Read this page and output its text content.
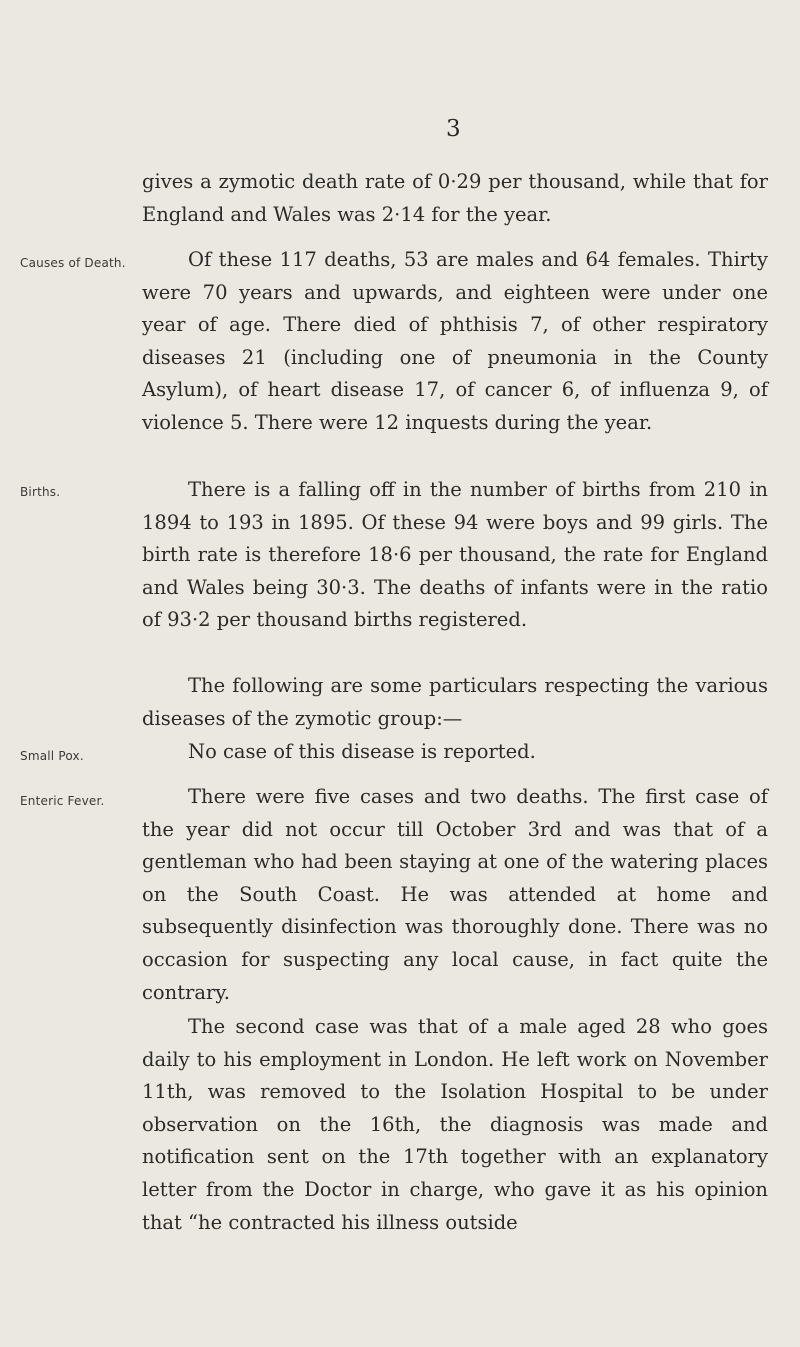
3

gives a zymotic death rate of 0·29 per thousand, while that for England and Wales was 2·14 for the year.

Causes of Death.	Of these 117 deaths, 53 are males and 64 females. Thirty were 70 years and upwards, and eighteen were under one year of age. There died of phthisis 7, of other respiratory diseases 21 (including one of pneumonia in the County Asylum), of heart disease 17, of cancer 6, of influenza 9, of violence 5. There were 12 inquests during the year.

Births.	There is a falling off in the number of births from 210 in 1894 to 193 in 1895. Of these 94 were boys and 99 girls. The birth rate is therefore 18·6 per thousand, the rate for England and Wales being 30·3. The deaths of infants were in the ratio of 93·2 per thousand births registered.

The following are some particulars respecting the various diseases of the zymotic group:—

Small Pox.	No case of this disease is reported.

Enteric Fever.	There were five cases and two deaths. The first case of the year did not occur till October 3rd and was that of a gentleman who had been staying at one of the watering places on the South Coast. He was attended at home and subsequently disinfection was thoroughly done. There was no occasion for suspecting any local cause, in fact quite the contrary.

The second case was that of a male aged 28 who goes daily to his employment in London. He left work on November 11th, was removed to the Isolation Hospital to be under observation on the 16th, the diagnosis was made and notification sent on the 17th together with an explanatory letter from the Doctor in charge, who gave it as his opinion that “he contracted his illness outside
